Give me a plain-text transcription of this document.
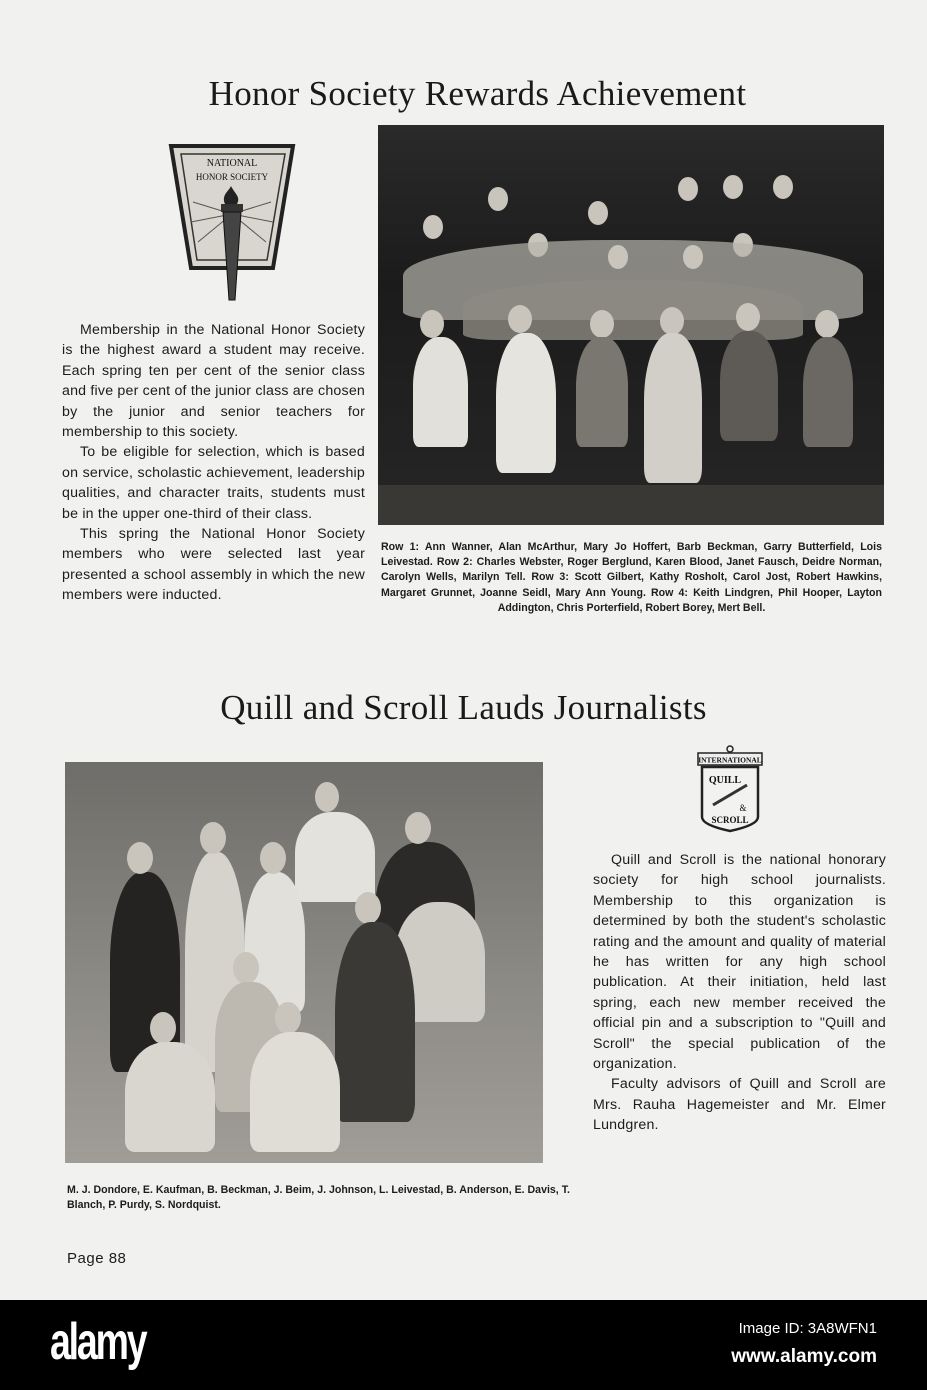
Honor Society Rewards Achievement
NATIONAL
HONOR SOCIETY

Membership in the National Honor Society is the highest award a student may receive. Each spring ten per cent of the senior class and five per cent of the junior class are chosen by the junior and senior teachers for membership to this society.

To be eligible for selection, which is based on service, scholastic achievement, leadership qualities, and character traits, students must be in the upper one-third of their class.

This spring the National Honor Society members who were selected last year presented a school assembly in which the new members were inducted.

Row 1: Ann Wanner, Alan McArthur, Mary Jo Hoffert, Barb Beckman, Garry Butterfield, Lois Leivestad. Row 2: Charles Webster, Roger Berglund, Karen Blood, Janet Fausch, Deidre Norman, Carolyn Wells, Marilyn Tell. Row 3: Scott Gilbert, Kathy Rosholt, Carol Jost, Robert Hawkins, Margaret Grunnet, Joanne Seidl, Mary Ann Young. Row 4: Keith Lindgren, Phil Hooper, Layton Addington, Chris Porterfield, Robert Borey, Mert Bell.
Quill and Scroll Lauds Journalists
INTERNATIONAL
QUILL
&
SCROLL

Quill and Scroll is the national honorary society for high school journalists. Membership to this organization is determined by both the student's scholastic rating and the amount and quality of material he has written for any high school publication. At their initiation, held last spring, each new member received the official pin and a subscription to "Quill and Scroll" the special publication of the organization.

Faculty advisors of Quill and Scroll are Mrs. Rauha Hagemeister and Mr. Elmer Lundgren.

M. J. Dondore, E. Kaufman, B. Beckman, J. Beim, J. Johnson, L. Leivestad, B. Anderson, E. Davis, T. Blanch, P. Purdy, S. Nordquist.
Page 88
alamy	Image ID: 3A8WFN1
www.alamy.com
